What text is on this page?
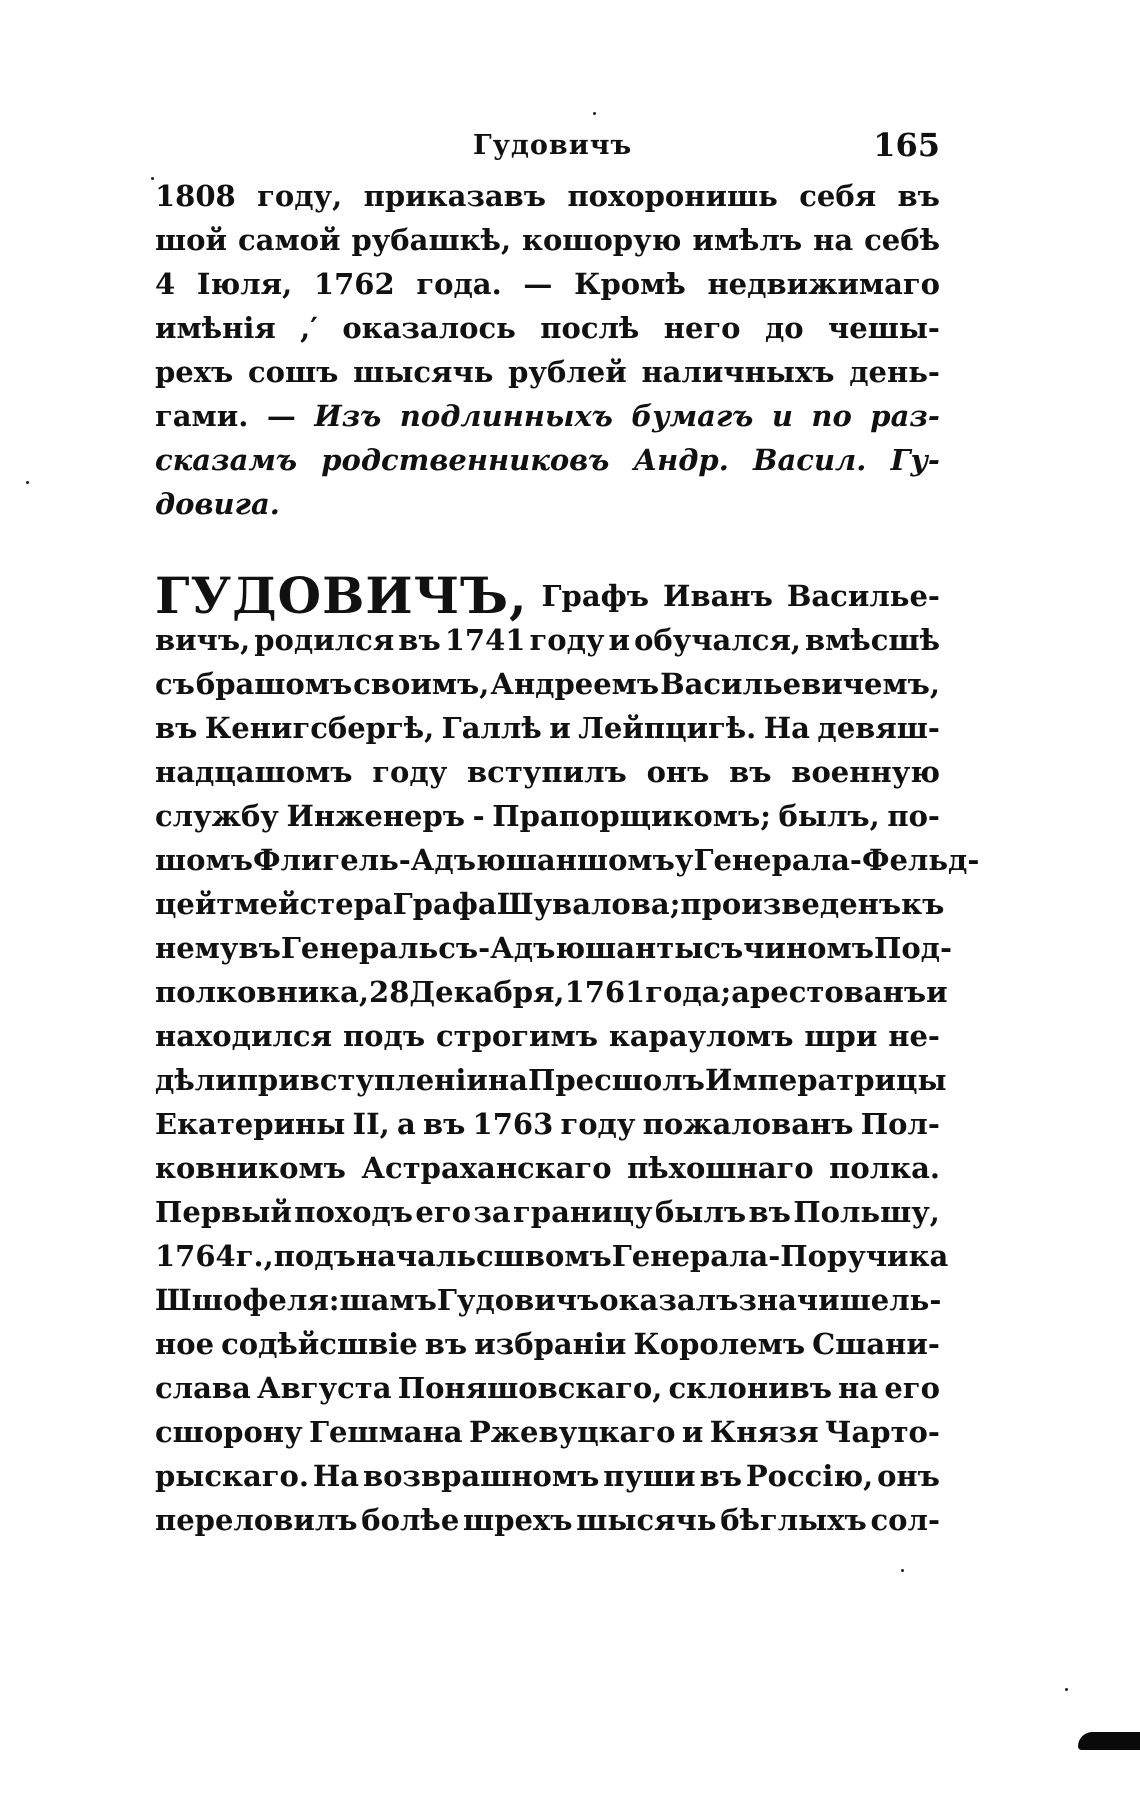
Гудовичъ	165
1808 году, приказавъ похоронишь себя въ
шой самой рубашкѣ, кошорую имѣлъ на себѣ
4 Іюля, 1762 года. — Кромѣ недвижимаго
имѣнія ,′ оказалось послѣ него до чешы-
рехъ сошъ шысячь рублей наличныхъ день-
гами. — Изъ подлинныхъ бумагъ и по раз-
сказамъ родственниковъ Андр. Васил. Гу-
довига.
ГУДОВИЧЪ, Графъ Иванъ Василье-
вичъ, родился въ 1741 году и обучался, вмѣсшѣ
съ брашомъ своимъ, Андреемъ Васильевичемъ,
въ Кенигсбергѣ, Галлѣ и Лейпцигѣ. На девяш-
надцашомъ году вступилъ онъ въ военную
службу Инженеръ - Прапорщикомъ; былъ, по-
шомъ Флигель-Адъюшаншомъ у Генерала-Фельд-
цейтмейстера Графа Шувалова; произведенъ къ
нему въ Генеральсъ-Адъюшанты съ чиномъ Под-
полковника, 28 Декабря, 1761 года; арестованъ и
находился подъ строгимъ карауломъ шри не-
дѣли при вступленіи на Пресшолъ Императрицы
Екатерины II, а въ 1763 году пожалованъ Пол-
ковникомъ Астраханскаго пѣхошнаго полка.
Первый походъ его за границу былъ въ Польшу,
1764 г., подъ начальсшвомъ Генерала-Поручика
Шшофеля: шамъ Гудовичъ оказалъ значишель-
ное содѣйсшвіе въ избраніи Королемъ Сшани-
слава Августа Поняшовскаго, склонивъ на его
сшорону Гешмана Ржевуцкаго и Князя Чарто-
рыскаго. На возврашномъ пуши въ Россію, онъ
переловилъ болѣе шрехъ шысячь бѣглыхъ сол-
